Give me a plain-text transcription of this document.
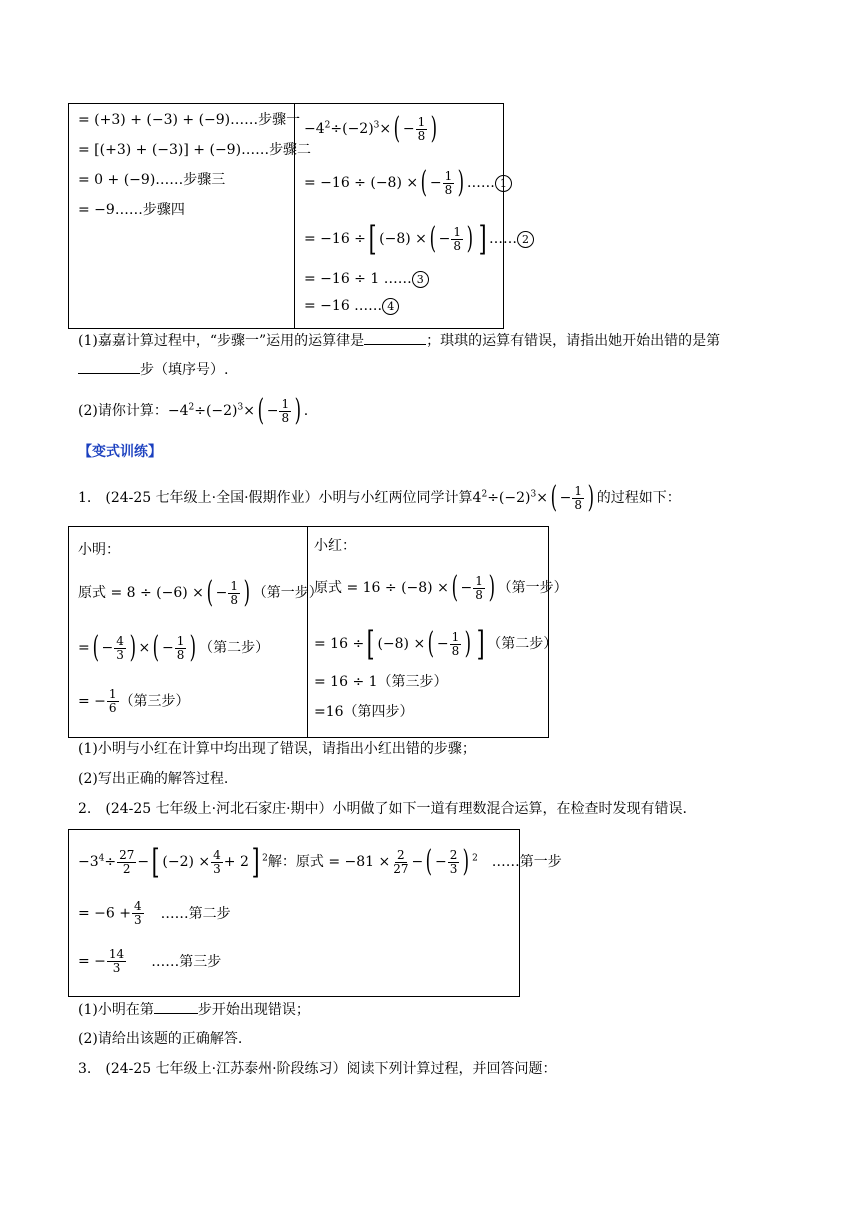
= (+3) + (−3) + (−9)……步骤一
= [(+3) + (−3)] + (−9)……步骤二
= 0 + (−9)……步骤三
= −9……步骤四
$-4^2\div(-2)^3\times( - \frac{1}{8}$ )
= −16 ÷ (−8) ×( − $\frac{1}{8}$ ) …… 1
= −16 ÷[ (−8) ×( − $\frac{1}{8}$ ) ] …… 2
= −16 ÷ 1 …… 3
= −16 …… 4
(1)嘉嘉计算过程中，“步骤一”运用的运算律是	；琪琪的运算有错误，请指出她开始出错的是第
步（填序号）.
(2)请你计算：$-4^2\div(-2)^3\times( - \frac{1}{8}$ ) .
【变式训练】
1.　(24-25 七年级上·全国·假期作业）小明与小红两位同学计算$4^2\div(-2)^3\times( - \frac{1}{8}$ ) 的过程如下：
小明：
原式 = 8 ÷ (−6) ×( − $\frac{1}{8}$ ) （第一步）
=( − $\frac{4}{3}$ ) ×( − $\frac{1}{8}$ ) （第二步）
= − $\frac{1}{6}$ （第三步）
小红：
原式 = 16 ÷ (−8) ×( − $\frac{1}{8}$ ) （第一步）
= 16 ÷[ (−8) ×( − $\frac{1}{8}$ ) ] （第二步）
= 16 ÷ 1（第三步）
=16（第四步）
(1)小明与小红在计算中均出现了错误，请指出小红出错的步骤；
(2)写出正确的解答过程.
2.　(24-25 七年级上·河北石家庄·期中）小明做了如下一道有理数混合运算，在检查时发现有错误.
$-3^4\div \frac{27}{2}$ −[ $(-2) \times \frac{4}{3} + 2$] $^2$解：原式 = $-81 \times \frac{2}{27}$ −( − $\frac{2}{3}$ ) $^2$ ……第一步
= $-6 + \frac{4}{3}$ ……第二步
= − $\frac{14}{3}$ ……第三步
(1)小明在第	步开始出现错误；
(2)请给出该题的正确解答.
3.　(24-25 七年级上·江苏泰州·阶段练习）阅读下列计算过程，并回答问题：
